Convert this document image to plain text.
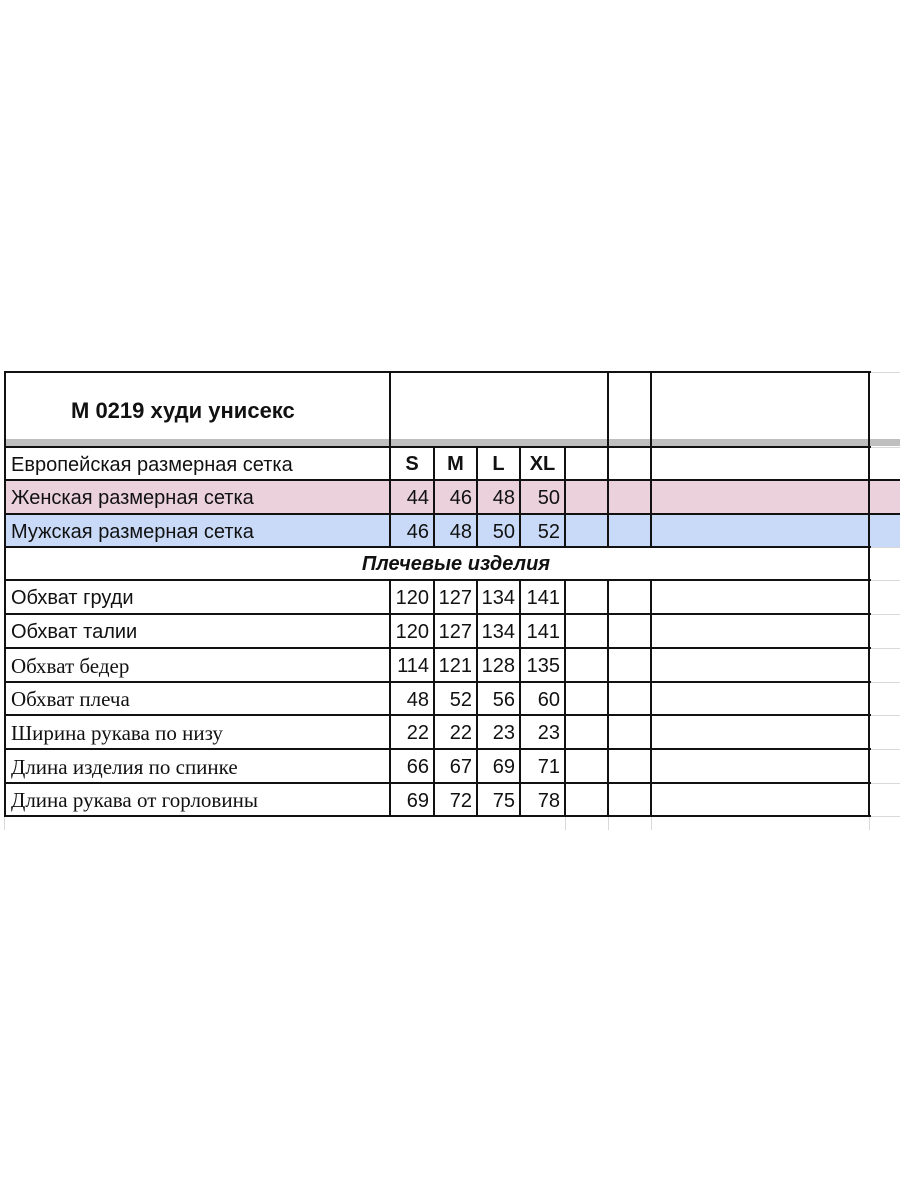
М 0219 худи унисекс
Плечевые изделия
Европейская размерная сетка	S	M	L	XL
Женская размерная сетка	44	46	48	50
Мужская размерная сетка	46	48	50	52
Обхват груди	120 127 134 141
Обхват талии	120 127 134 141
Обхват бедер	114 121 128 135
Обхват плеча	48	52	56	60
Ширина рукава по низу	22	22	23	23
Длина изделия по спинке	66	67	69	71
Длина рукава от горловины	69	72	75	78
